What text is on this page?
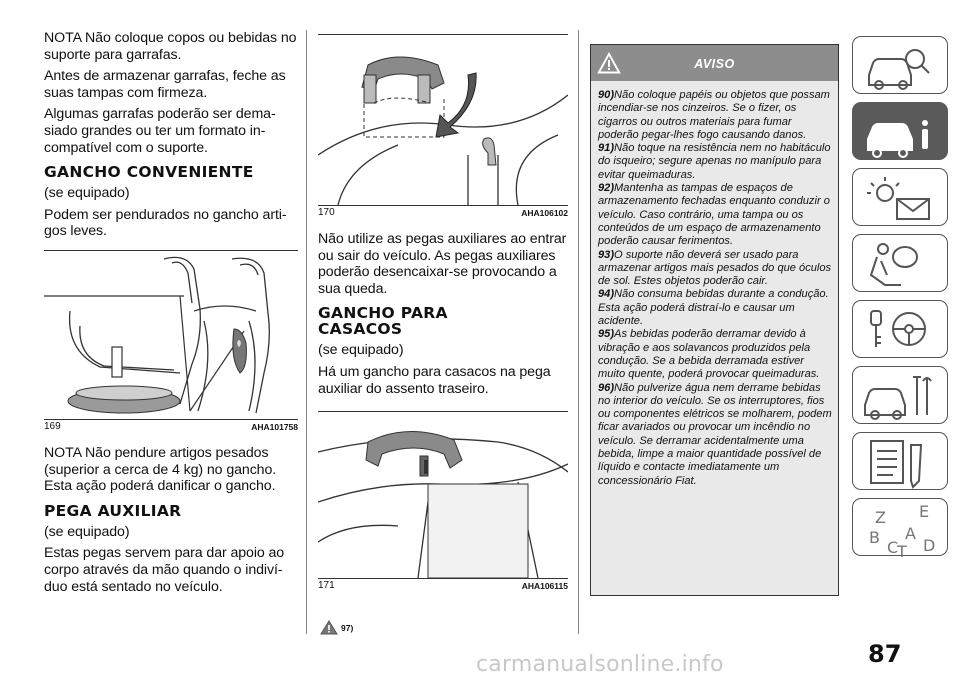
NOTA Não coloque copos ou bebidas no suporte para garrafas.

Antes de armazenar garrafas, feche as suas tampas com firmeza.

Algumas garrafas poderão ser dema-siado grandes ou ter um formato in-compatível com o suporte.

GANCHO CONVENIENTE

(se equipado)

Podem ser pendurados no gancho arti-gos leves.

169	AHA101758

NOTA Não pendure artigos pesados (superior a cerca de 4 kg) no gancho. Esta ação poderá danificar o gancho.

PEGA AUXILIAR

(se equipado)

Estas pegas servem para dar apoio ao corpo através da mão quando o indiví-duo está sentado no veículo.

170	AHA106102

Não utilize as pegas auxiliares ao entrar ou sair do veículo. As pegas auxiliares poderão desencaixar-se provocando a sua queda.

GANCHO PARA CASACOS

(se equipado)

Há um gancho para casacos na pega auxiliar do assento traseiro.

171	AHA106115
97)
AVISO

90)Não coloque papéis ou objetos que possam incendiar-se nos cinzeiros. Se o fizer, os cigarros ou outros materiais para fumar poderão pegar-lhes fogo causando danos.

91)Não toque na resistência nem no habitáculo do isqueiro; segure apenas no manípulo para evitar queimaduras.

92)Mantenha as tampas de espaços de armazenamento fechadas enquanto conduzir o veículo. Caso contrário, uma tampa ou os conteúdos de um espaço de armazenamento poderão causar ferimentos.

93)O suporte não deverá ser usado para armazenar artigos mais pesados do que óculos de sol. Estes objetos poderão cair.

94)Não consuma bebidas durante a condução. Esta ação poderá distraí-lo e causar um acidente.

95)As bebidas poderão derramar devido à vibração e aos solavancos produzidos pela condução. Se a bebida derramada estiver muito quente, poderá provocar queimaduras.

96)Não pulverize água nem derrame bebidas no interior do veículo. Se os interruptores, fios ou componentes elétricos se molharem, podem ficar avariados ou provocar um incêndio no veículo. Se derramar acidentalmente uma bebida, limpe a maior quantidade possível de líquido e contacte imediatamente um concessionário Fiat.

Z E
B A
C
T D
87
carmanualsonline.info
